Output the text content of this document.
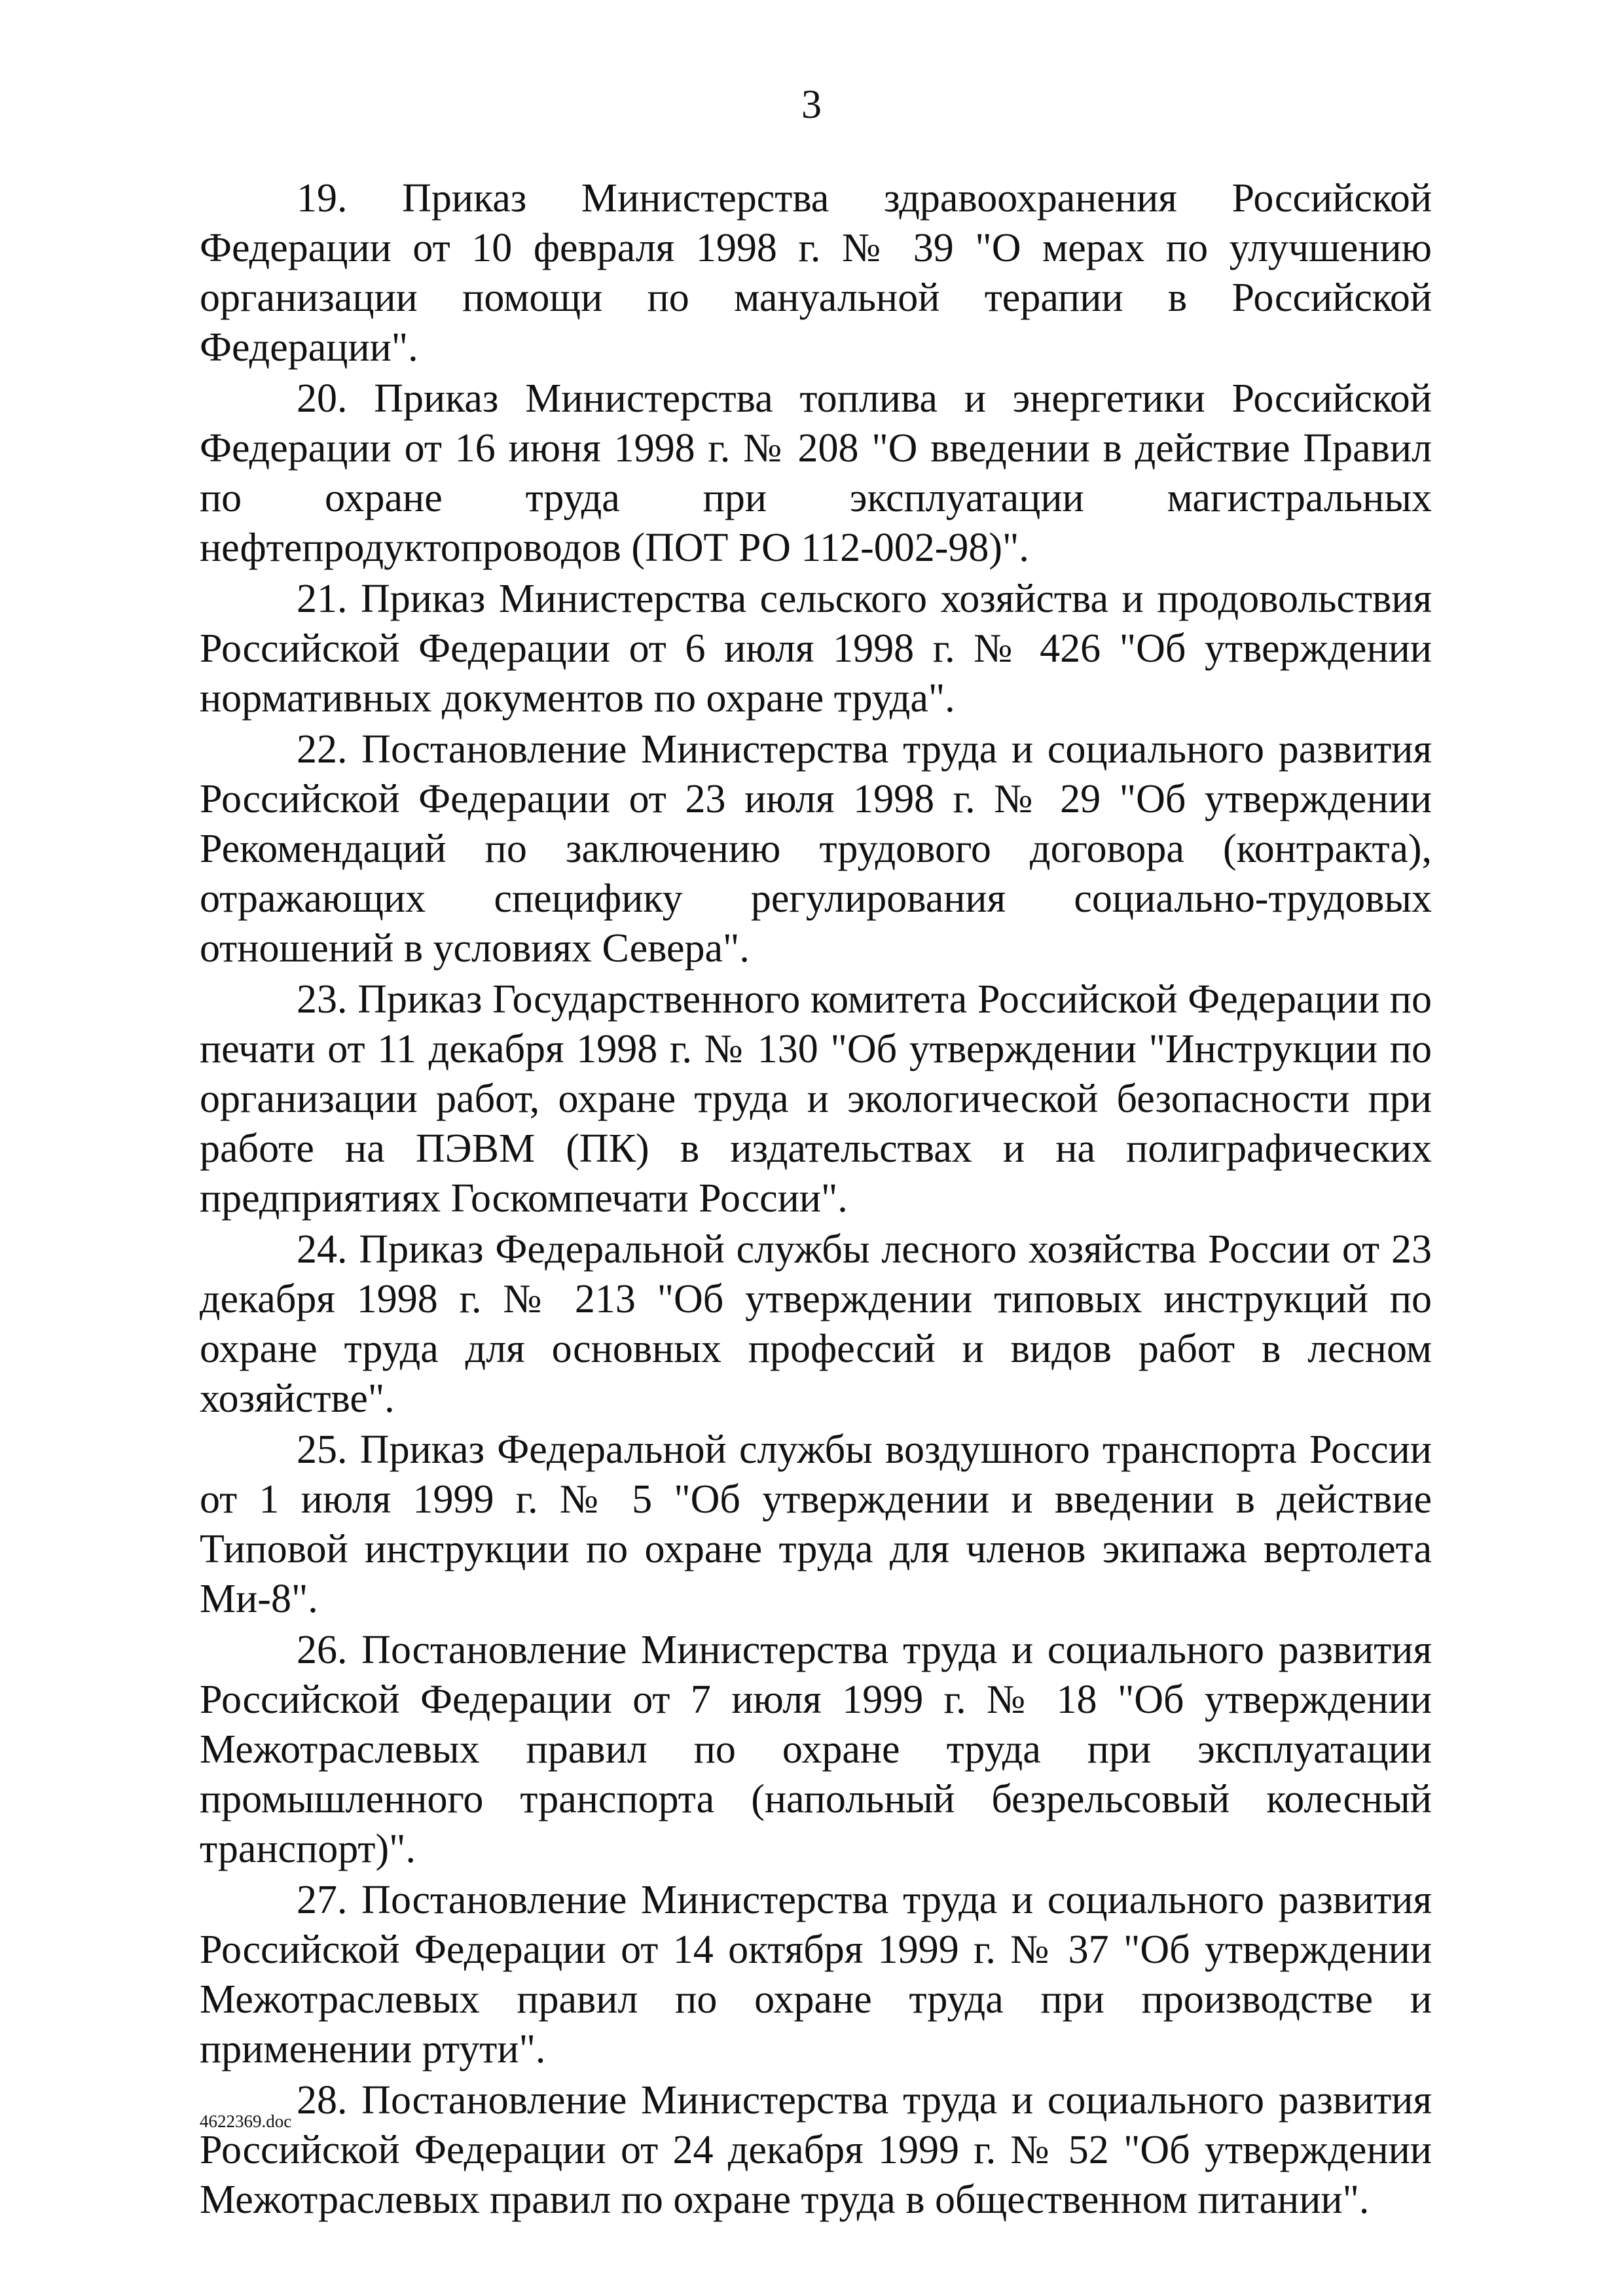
3

19. Приказ Министерства здравоохранения Российской Федерации от 10 февраля 1998 г. № 39 "О мерах по улучшению организации помощи по мануальной терапии в Российской Федерации".

20. Приказ Министерства топлива и энергетики Российской Федерации от 16 июня 1998 г. № 208 "О введении в действие Правил по охране труда при эксплуатации магистральных нефтепродуктопроводов (ПОТ РО 112-002-98)".

21. Приказ Министерства сельского хозяйства и продовольствия Российской Федерации от 6 июля 1998 г. № 426 "Об утверждении нормативных документов по охране труда".

22. Постановление Министерства труда и социального развития Российской Федерации от 23 июля 1998 г. № 29 "Об утверждении Рекомендаций по заключению трудового договора (контракта), отражающих специфику регулирования социально-трудовых отношений в условиях Севера".

23. Приказ Государственного комитета Российской Федерации по печати от 11 декабря 1998 г. № 130 "Об утверждении "Инструкции по организации работ, охране труда и экологической безопасности при работе на ПЭВМ (ПК) в издательствах и на полиграфических предприятиях Госкомпечати России".

24. Приказ Федеральной службы лесного хозяйства России от 23 декабря 1998 г. № 213 "Об утверждении типовых инструкций по охране труда для основных профессий и видов работ в лесном хозяйстве".

25. Приказ Федеральной службы воздушного транспорта России от 1 июля 1999 г. № 5 "Об утверждении и введении в действие Типовой инструкции по охране труда для членов экипажа вертолета Ми-8".

26. Постановление Министерства труда и социального развития Российской Федерации от 7 июля 1999 г. № 18 "Об утверждении Межотраслевых правил по охране труда при эксплуатации промышленного транспорта (напольный безрельсовый колесный транспорт)".

27. Постановление Министерства труда и социального развития Российской Федерации от 14 октября 1999 г. № 37 "Об утверждении Межотраслевых правил по охране труда при производстве и применении ртути".

28. Постановление Министерства труда и социального развития Российской Федерации от 24 декабря 1999 г. № 52 "Об утверждении Межотраслевых правил по охране труда в общественном питании".

4622369.doc
